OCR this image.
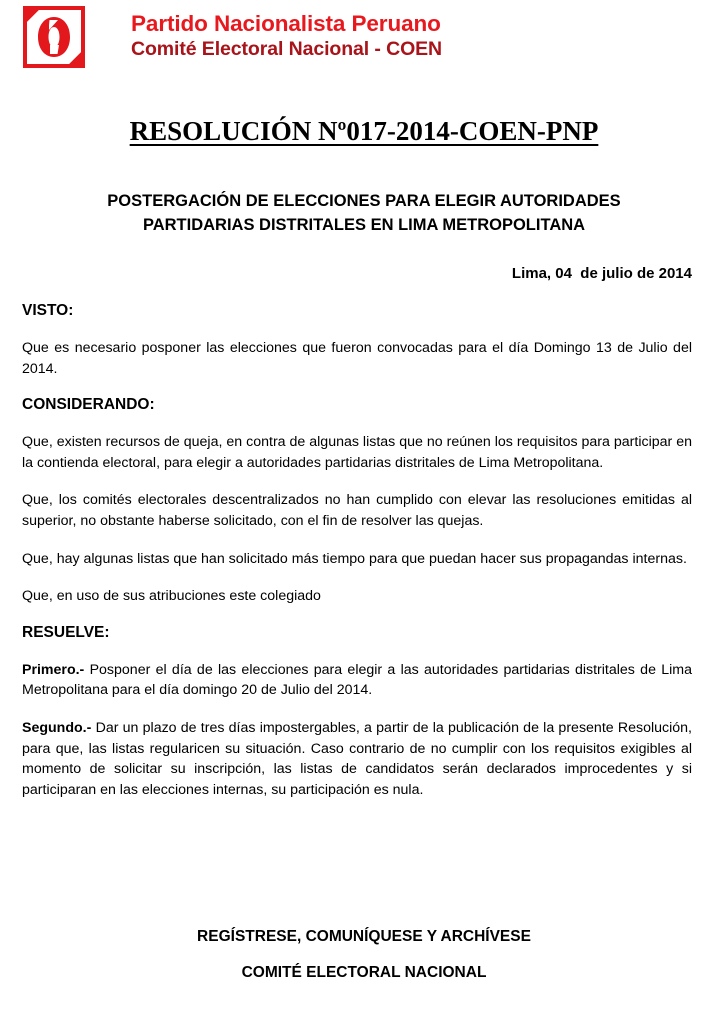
Partido Nacionalista Peruano
Comité Electoral Nacional - COEN
RESOLUCIÓN Nº017-2014-COEN-PNP
POSTERGACIÓN DE ELECCIONES PARA ELEGIR AUTORIDADES
PARTIDARIAS DISTRITALES EN LIMA METROPOLITANA
Lima, 04  de julio de 2014
VISTO:

Que es necesario posponer las elecciones que fueron convocadas para el día Domingo 13 de Julio del 2014.

CONSIDERANDO:

Que, existen recursos de queja, en contra de algunas listas que no reúnen los requisitos para participar en la contienda electoral, para elegir a autoridades partidarias distritales de Lima Metropolitana.

Que, los comités electorales descentralizados no han cumplido con elevar las resoluciones emitidas al superior, no obstante haberse solicitado, con el fin de resolver las quejas.

Que, hay algunas listas que han solicitado más tiempo para que puedan hacer sus propagandas internas.

Que, en uso de sus atribuciones este colegiado

RESUELVE:

Primero.- Posponer el día de las elecciones para elegir a las autoridades partidarias distritales de Lima Metropolitana para el día domingo 20 de Julio del 2014.

Segundo.- Dar un plazo de tres días impostergables, a partir de la publicación de la presente Resolución, para que, las listas regularicen su situación. Caso contrario de no cumplir con los requisitos exigibles al momento de solicitar su inscripción, las listas de candidatos serán declarados improcedentes y si participaran en las elecciones internas, su participación es nula.

REGÍSTRESE, COMUNÍQUESE Y ARCHÍVESE
COMITÉ ELECTORAL NACIONAL
